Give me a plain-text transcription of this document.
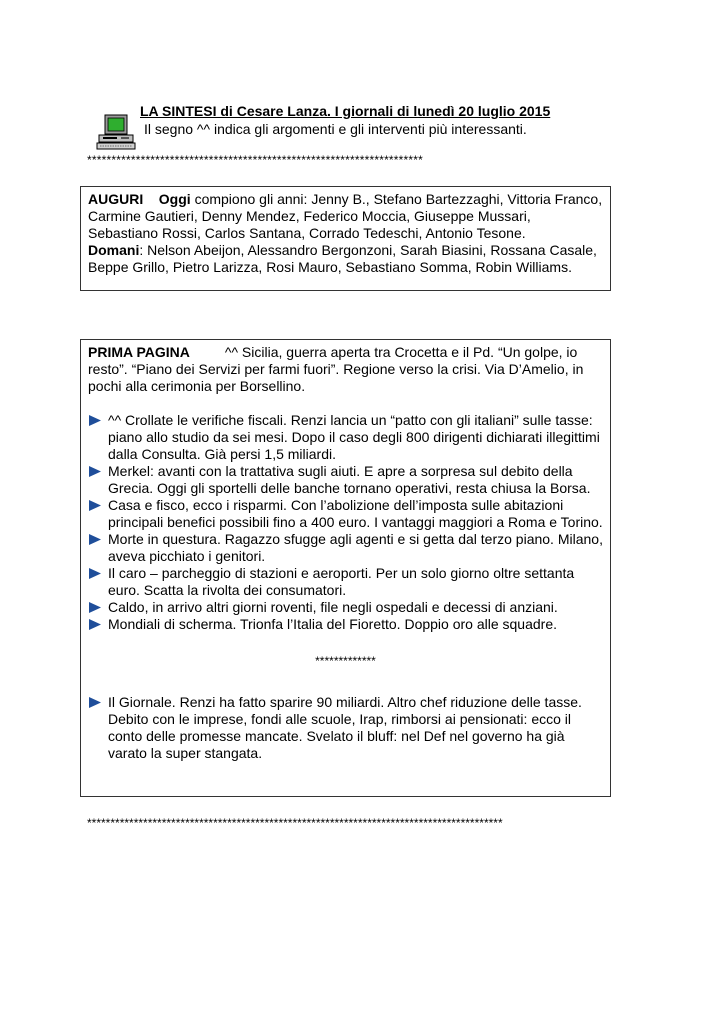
LA SINTESI di Cesare Lanza. I giornali di lunedì 20 luglio 2015
Il segno ^^ indica gli argomenti e gli interventi più interessanti.
*********************************************************************
AUGURI Oggi compiono gli anni: Jenny B., Stefano Bartezzaghi, Vittoria Franco, Carmine Gautieri, Denny Mendez, Federico Moccia, Giuseppe Mussari, Sebastiano Rossi, Carlos Santana, Corrado Tedeschi, Antonio Tesone.
Domani: Nelson Abeijon, Alessandro Bergonzoni, Sarah Biasini, Rossana Casale, Beppe Grillo, Pietro Larizza, Rosi Mauro, Sebastiano Somma, Robin Williams.

PRIMA PAGINA	^^ Sicilia, guerra aperta tra Crocetta e il Pd. “Un golpe, io resto”. “Piano dei Servizi per farmi fuori”. Regione verso la crisi. Via D’Amelio, in pochi alla cerimonia per Borsellino.

^^ Crollate le verifiche fiscali. Renzi lancia un “patto con gli italiani” sulle tasse: piano allo studio da sei mesi. Dopo il caso degli 800 dirigenti dichiarati illegittimi dalla Consulta. Già persi 1,5 miliardi.
Merkel: avanti con la trattativa sugli aiuti. E apre a sorpresa sul debito della Grecia. Oggi gli sportelli delle banche tornano operativi, resta chiusa la Borsa.
Casa e fisco, ecco i risparmi. Con l’abolizione dell’imposta sulle abitazioni principali benefici possibili fino a 400 euro. I vantaggi maggiori a Roma e Torino.
Morte in questura. Ragazzo sfugge agli agenti e si getta dal terzo piano. Milano, aveva picchiato i genitori.
Il caro – parcheggio di stazioni e aeroporti. Per un solo giorno oltre settanta euro. Scatta la rivolta dei consumatori.
Caldo, in arrivo altri giorni roventi, file negli ospedali e decessi di anziani.
Mondiali di scherma. Trionfa l’Italia del Fioretto. Doppio oro alle squadre.
*************
Il Giornale. Renzi ha fatto sparire 90 miliardi. Altro chef riduzione delle tasse. Debito con le imprese, fondi alle scuole, Irap, rimborsi ai pensionati: ecco il conto delle promesse mancate. Svelato il bluff: nel Def nel governo ha già varato la super stangata.
*****************************************************************************************
